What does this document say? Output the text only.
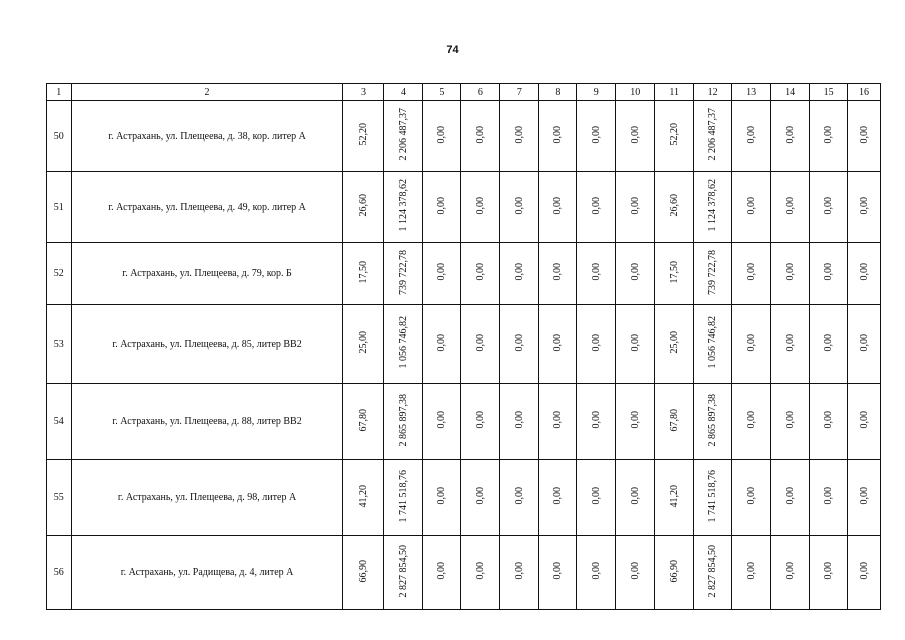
74
1	2	3	4	5	6	7	8	9	10	11	12	13	14	15	16
50	г. Астрахань, ул. Плещеева, д. 38, кор. литер А	52,20	2 206 487,37	0,00	0,00	0,00	0,00	0,00	0,00	52,20	2 206 487,37	0,00	0,00	0,00	0,00
51	г. Астрахань, ул. Плещеева, д. 49, кор. литер А	26,60	1 124 378,62	0,00	0,00	0,00	0,00	0,00	0,00	26,60	1 124 378,62	0,00	0,00	0,00	0,00
52	г. Астрахань, ул. Плещеева, д. 79, кор. Б	17,50	739 722,78	0,00	0,00	0,00	0,00	0,00	0,00	17,50	739 722,78	0,00	0,00	0,00	0,00
53	г. Астрахань, ул. Плещеева, д. 85, литер ВВ2	25,00	1 056 746,82	0,00	0,00	0,00	0,00	0,00	0,00	25,00	1 056 746,82	0,00	0,00	0,00	0,00
54	г. Астрахань, ул. Плещеева, д. 88, литер ВВ2	67,80	2 865 897,38	0,00	0,00	0,00	0,00	0,00	0,00	67,80	2 865 897,38	0,00	0,00	0,00	0,00
55	г. Астрахань, ул. Плещеева, д. 98, литер А	41,20	1 741 518,76	0,00	0,00	0,00	0,00	0,00	0,00	41,20	1 741 518,76	0,00	0,00	0,00	0,00
56	г. Астрахань, ул. Радищева, д. 4, литер А	66,90	2 827 854,50	0,00	0,00	0,00	0,00	0,00	0,00	66,90	2 827 854,50	0,00	0,00	0,00	0,00
